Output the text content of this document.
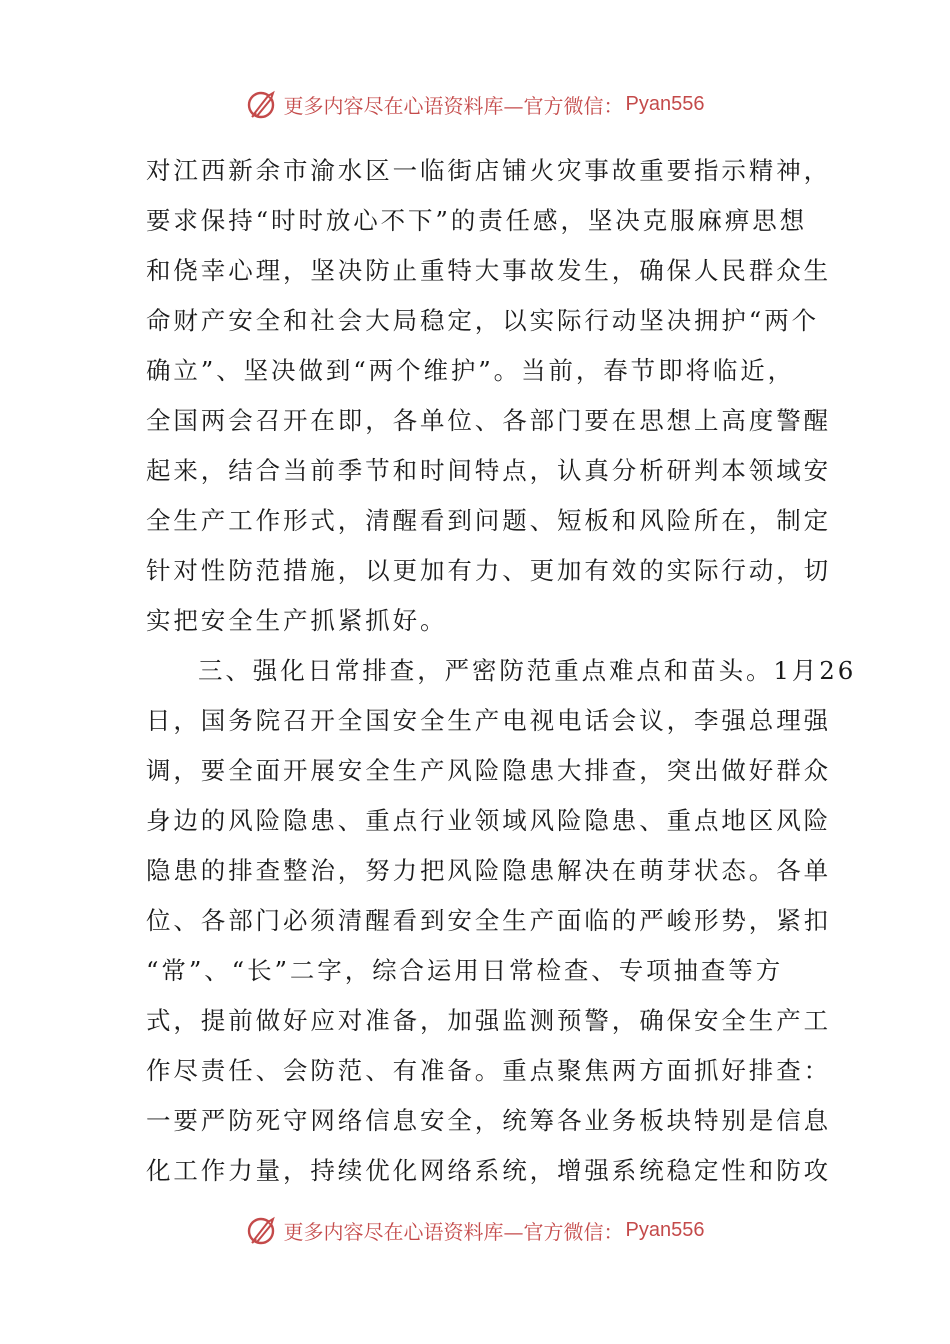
更多内容尽在心语资料库—官方微信： Pyan556
对江西新余市渝水区一临街店铺火灾事故重要指示精神，
要求保持“时时放心不下”的责任感，坚决克服麻痹思想
和侥幸心理，坚决防止重特大事故发生，确保人民群众生
命财产安全和社会大局稳定，以实际行动坚决拥护“两个
确立”、坚决做到“两个维护”。当前，春节即将临近，
全国两会召开在即，各单位、各部门要在思想上高度警醒
起来，结合当前季节和时间特点，认真分析研判本领域安
全生产工作形式，清醒看到问题、短板和风险所在，制定
针对性防范措施，以更加有力、更加有效的实际行动，切
实把安全生产抓紧抓好。
三、强化日常排查，严密防范重点难点和苗头。1月26
日，国务院召开全国安全生产电视电话会议，李强总理强
调，要全面开展安全生产风险隐患大排查，突出做好群众
身边的风险隐患、重点行业领域风险隐患、重点地区风险
隐患的排查整治，努力把风险隐患解决在萌芽状态。各单
位、各部门必须清醒看到安全生产面临的严峻形势，紧扣
“常”、“长”二字，综合运用日常检查、专项抽查等方
式，提前做好应对准备，加强监测预警，确保安全生产工
作尽责任、会防范、有准备。重点聚焦两方面抓好排查：
一要严防死守网络信息安全，统筹各业务板块特别是信息
化工作力量，持续优化网络系统，增强系统稳定性和防攻
更多内容尽在心语资料库—官方微信： Pyan556
